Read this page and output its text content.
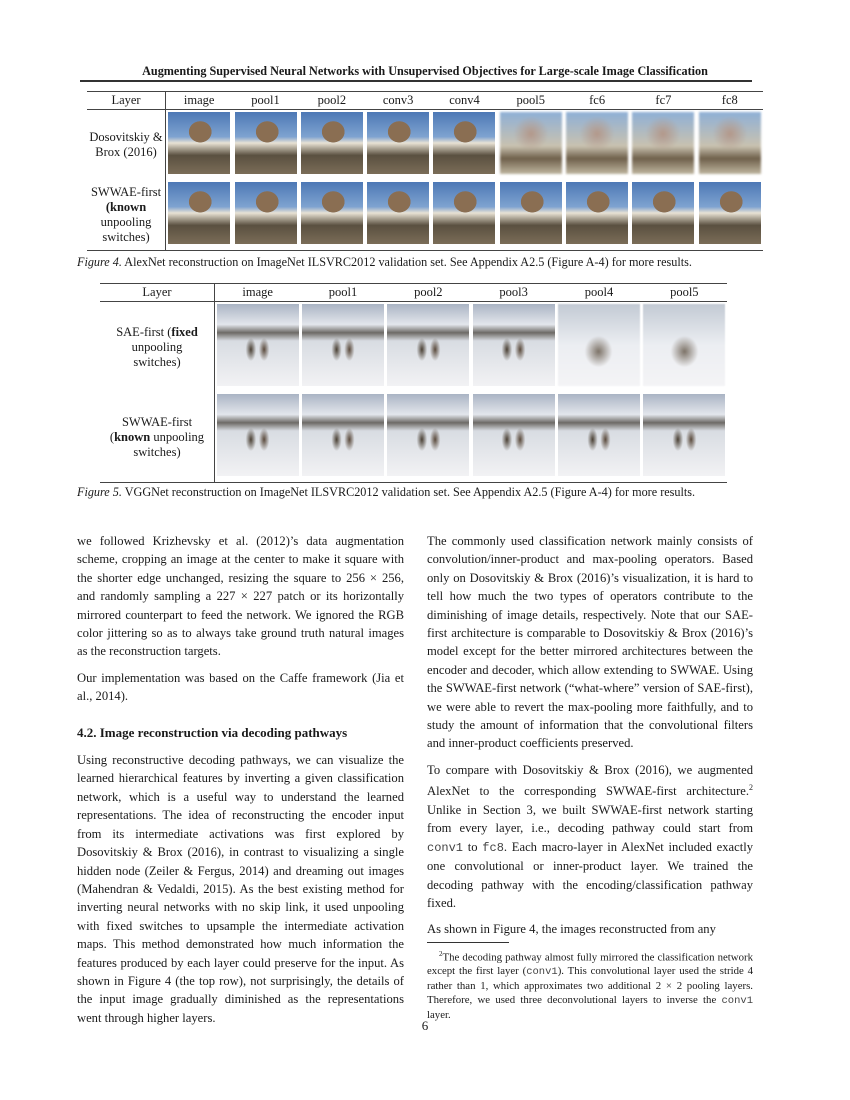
Augmenting Supervised Neural Networks with Unsupervised Objectives for Large-scale Image Classification
Layer	image	pool1	pool2	conv3	conv4	pool5	fc6	fc7	fc8
Dosovitskiy &
Brox (2016)									
SWWAE-first
(known
unpooling
switches)									
Figure 4. AlexNet reconstruction on ImageNet ILSVRC2012 validation set. See Appendix A2.5 (Figure A-4) for more results.
Layer	image	pool1	pool2	pool3	pool4	pool5
SAE-first (fixed
unpooling
switches)						
SWWAE-first
(known unpooling
switches)						
Figure 5. VGGNet reconstruction on ImageNet ILSVRC2012 validation set. See Appendix A2.5 (Figure A-4) for more results.

we followed Krizhevsky et al. (2012)’s data augmentation scheme, cropping an image at the center to make it square with the shorter edge unchanged, resizing the square to 256 × 256, and randomly sampling a 227 × 227 patch or its horizontally mirrored counterpart to feed the network. We ignored the RGB color jittering so as to always take ground truth natural images as the reconstruction targets.

Our implementation was based on the Caffe framework (Jia et al., 2014).

4.2. Image reconstruction via decoding pathways

Using reconstructive decoding pathways, we can visualize the learned hierarchical features by inverting a given classification network, which is a useful way to understand the learned representations. The idea of reconstructing the encoder input from its intermediate activations was first explored by Dosovitskiy & Brox (2016), in contrast to visualizing a single hidden node (Zeiler & Fergus, 2014) and dreaming out images (Mahendran & Vedaldi, 2015). As the best existing method for inverting neural networks with no skip link, it used unpooling with fixed switches to upsample the intermediate activation maps. This method demonstrated how much information the features produced by each layer could preserve for the input. As shown in Figure 4 (the top row), not surprisingly, the details of the input image gradually diminished as the representations went through higher layers.

The commonly used classification network mainly consists of convolution/inner-product and max-pooling operators. Based only on Dosovitskiy & Brox (2016)’s visualization, it is hard to tell how much the two types of operators contribute to the diminishing of image details, respectively. Note that our SAE-first architecture is comparable to Dosovitskiy & Brox (2016)’s model except for the better mirrored architectures between the encoder and decoder, which allow extending to SWWAE. Using the SWWAE-first network (“what-where” version of SAE-first), we were able to revert the max-pooling more faithfully, and to study the amount of information that the convolutional filters and inner-product coefficients preserved.

To compare with Dosovitskiy & Brox (2016), we augmented AlexNet to the corresponding SWWAE-first architecture.$^2$ Unlike in Section 3, we built SWWAE-first network starting from every layer, i.e., decoding pathway could start from conv1 to fc8. Each macro-layer in AlexNet included exactly one convolutional or inner-product layer. We trained the decoding pathway with the encoding/classification pathway fixed.

As shown in Figure 4, the images reconstructed from any

$^2$The decoding pathway almost fully mirrored the classification network except the first layer (conv1). This convolutional layer used the stride 4 rather than 1, which approximates two additional 2 × 2 pooling layers. Therefore, we used three deconvolutional layers to inverse the conv1 layer.
6
